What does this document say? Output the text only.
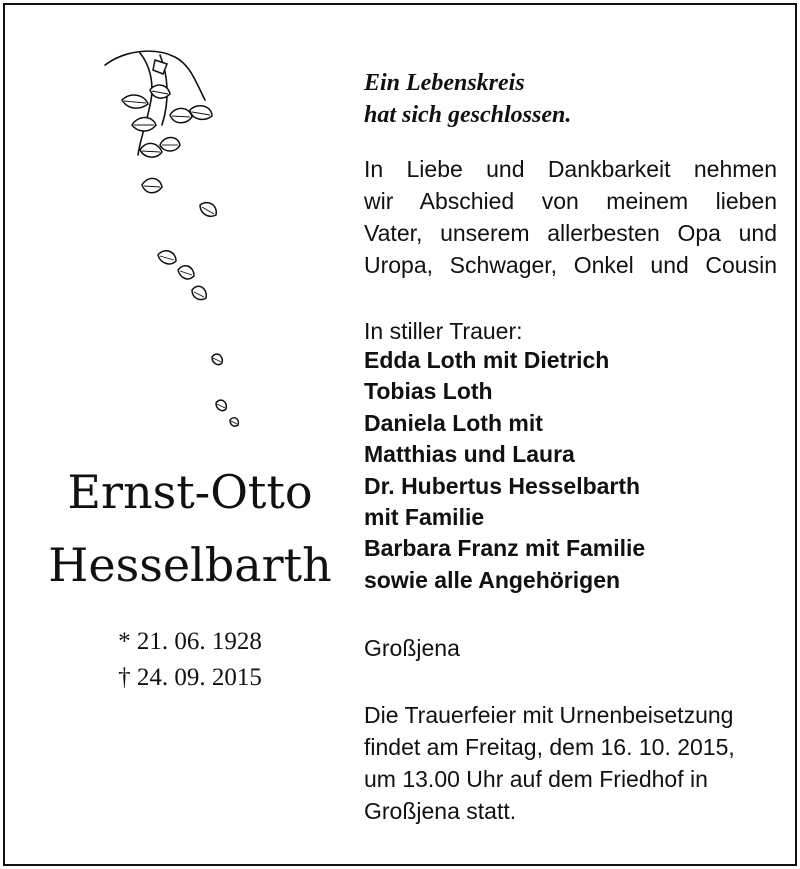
Ernst-Otto
Hesselbarth
* 21. 06. 1928
† 24. 09. 2015
Ein Lebenskreis
hat sich geschlossen.
In Liebe und Dankbarkeit nehmen
wir Abschied von meinem lieben
Vater, unserem allerbesten Opa und
Uropa, Schwager, Onkel und Cousin
In stiller Trauer:
Edda Loth mit Dietrich
Tobias Loth
Daniela Loth mit
Matthias und Laura
Dr. Hubertus Hesselbarth
mit Familie
Barbara Franz mit Familie
sowie alle Angehörigen
Großjena
Die Trauerfeier mit Urnenbeisetzung
findet am Freitag, dem 16. 10. 2015,
um 13.00 Uhr auf dem Friedhof in
Großjena statt.
